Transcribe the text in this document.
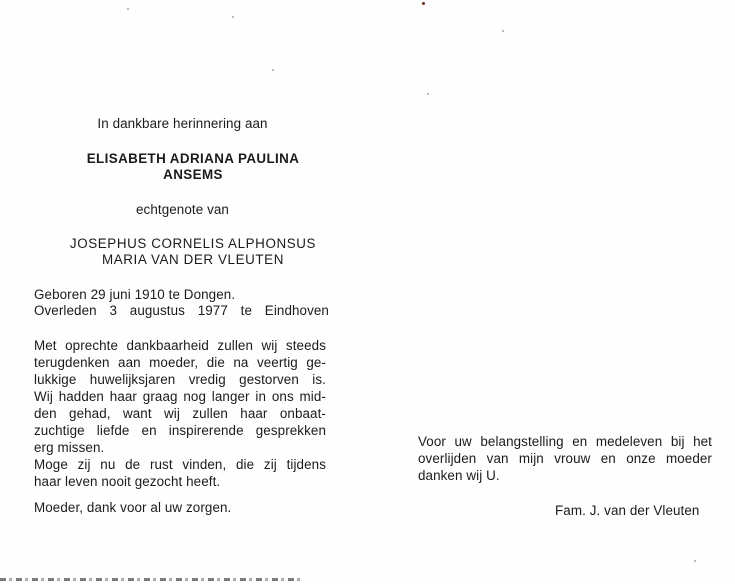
In dankbare herinnering aan
ELISABETH ADRIANA PAULINA
ANSEMS
echtgenote van
JOSEPHUS CORNELIS ALPHONSUS
MARIA VAN DER VLEUTEN
Geboren 29 juni 1910 te Dongen.
Overleden 3 augustus 1977 te Eindhoven
Met oprechte dankbaarheid zullen wij steeds
terugdenken aan moeder, die na veertig ge-
lukkige huwelijksjaren vredig gestorven is.
Wij hadden haar graag nog langer in ons mid-
den gehad, want wij zullen haar onbaat-
zuchtige liefde en inspirerende gesprekken
erg missen.
Moge zij nu de rust vinden, die zij tijdens
haar leven nooit gezocht heeft.
Moeder, dank voor al uw zorgen.
Voor uw belangstelling en medeleven bij het
overlijden van mijn vrouw en onze moeder
danken wij U.
Fam. J. van der Vleuten
